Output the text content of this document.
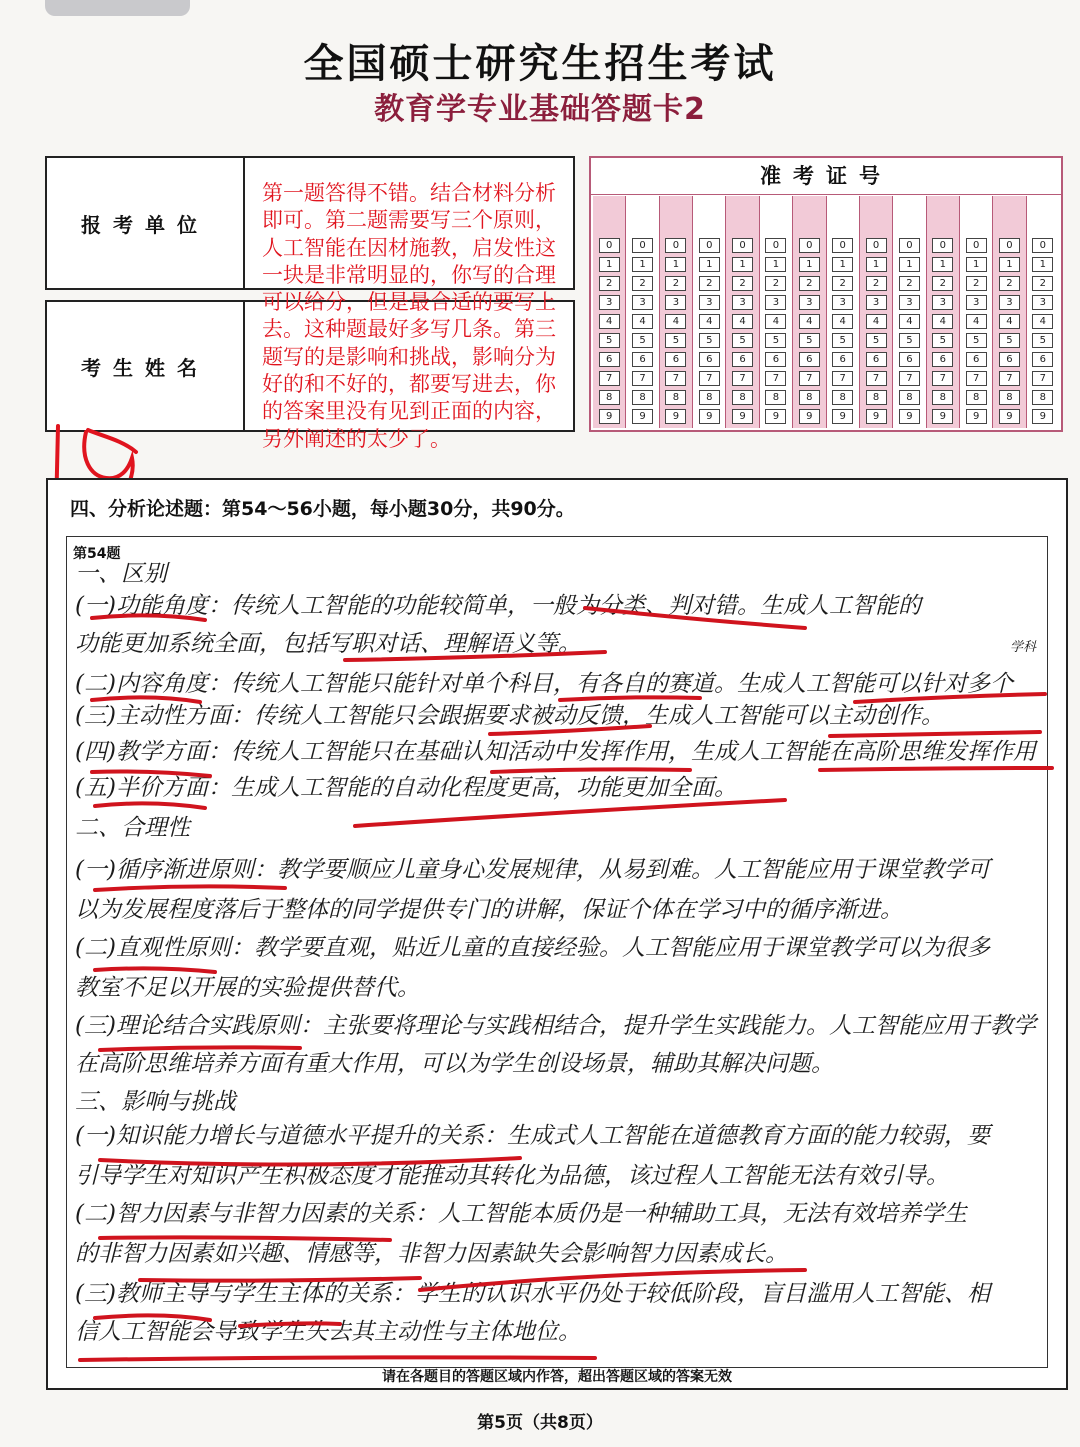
全国硕士研究生招生考试
教育学专业基础答题卡2
报考单位
考生姓名
准考证号
0
1
2
3
4
5
6
7
8
9
0
1
2
3
4
5
6
7
8
9
0
1
2
3
4
5
6
7
8
9
0
1
2
3
4
5
6
7
8
9
0
1
2
3
4
5
6
7
8
9
0
1
2
3
4
5
6
7
8
9
0
1
2
3
4
5
6
7
8
9
0
1
2
3
4
5
6
7
8
9
0
1
2
3
4
5
6
7
8
9
0
1
2
3
4
5
6
7
8
9
0
1
2
3
4
5
6
7
8
9
0
1
2
3
4
5
6
7
8
9
0
1
2
3
4
5
6
7
8
9
0
1
2
3
4
5
6
7
8
9
第一题答得不错。结合材料分析即可。第二题需要写三个原则，人工智能在因材施教，启发性这一块是非常明显的，你写的合理可以给分，但是最合适的要写上去。这种题最好多写几条。第三题写的是影响和挑战，影响分为好的和不好的，都要写进去，你的答案里没有见到正面的内容，另外阐述的太少了。
19
四、分析论述题：第54～56小题，每小题30分，共90分。
第54题
一、区别
(一)功能角度：传统人工智能的功能较简单，一般为分类、判对错。生成人工智能的
功能更加系统全面，包括写职对话、理解语义等。
(二)内容角度：传统人工智能只能针对单个科目，有各自的赛道。生成人工智能可以针对多个
(三)主动性方面：传统人工智能只会跟据要求被动反馈，生成人工智能可以主动创作。
(四)教学方面：传统人工智能只在基础认知活动中发挥作用，生成人工智能在高阶思维发挥作用
(五)半价方面：生成人工智能的自动化程度更高，功能更加全面。
二、合理性
(一)循序渐进原则：教学要顺应儿童身心发展规律，从易到难。人工智能应用于课堂教学可
以为发展程度落后于整体的同学提供专门的讲解，保证个体在学习中的循序渐进。
(二)直观性原则：教学要直观，贴近儿童的直接经验。人工智能应用于课堂教学可以为很多
教室不足以开展的实验提供替代。
(三)理论结合实践原则：主张要将理论与实践相结合，提升学生实践能力。人工智能应用于教学
在高阶思维培养方面有重大作用，可以为学生创设场景，辅助其解决问题。
三、影响与挑战
(一)知识能力增长与道德水平提升的关系：生成式人工智能在道德教育方面的能力较弱，要
引导学生对知识产生积极态度才能推动其转化为品德，该过程人工智能无法有效引导。
(二)智力因素与非智力因素的关系：人工智能本质仍是一种辅助工具，无法有效培养学生
的非智力因素如兴趣、情感等，非智力因素缺失会影响智力因素成长。
(三)教师主导与学生主体的关系：学生的认识水平仍处于较低阶段，盲目滥用人工智能、相
信人工智能会导致学生失去其主动性与主体地位。
请在各题目的答题区域内作答，超出答题区域的答案无效
学科
第5页（共8页）
